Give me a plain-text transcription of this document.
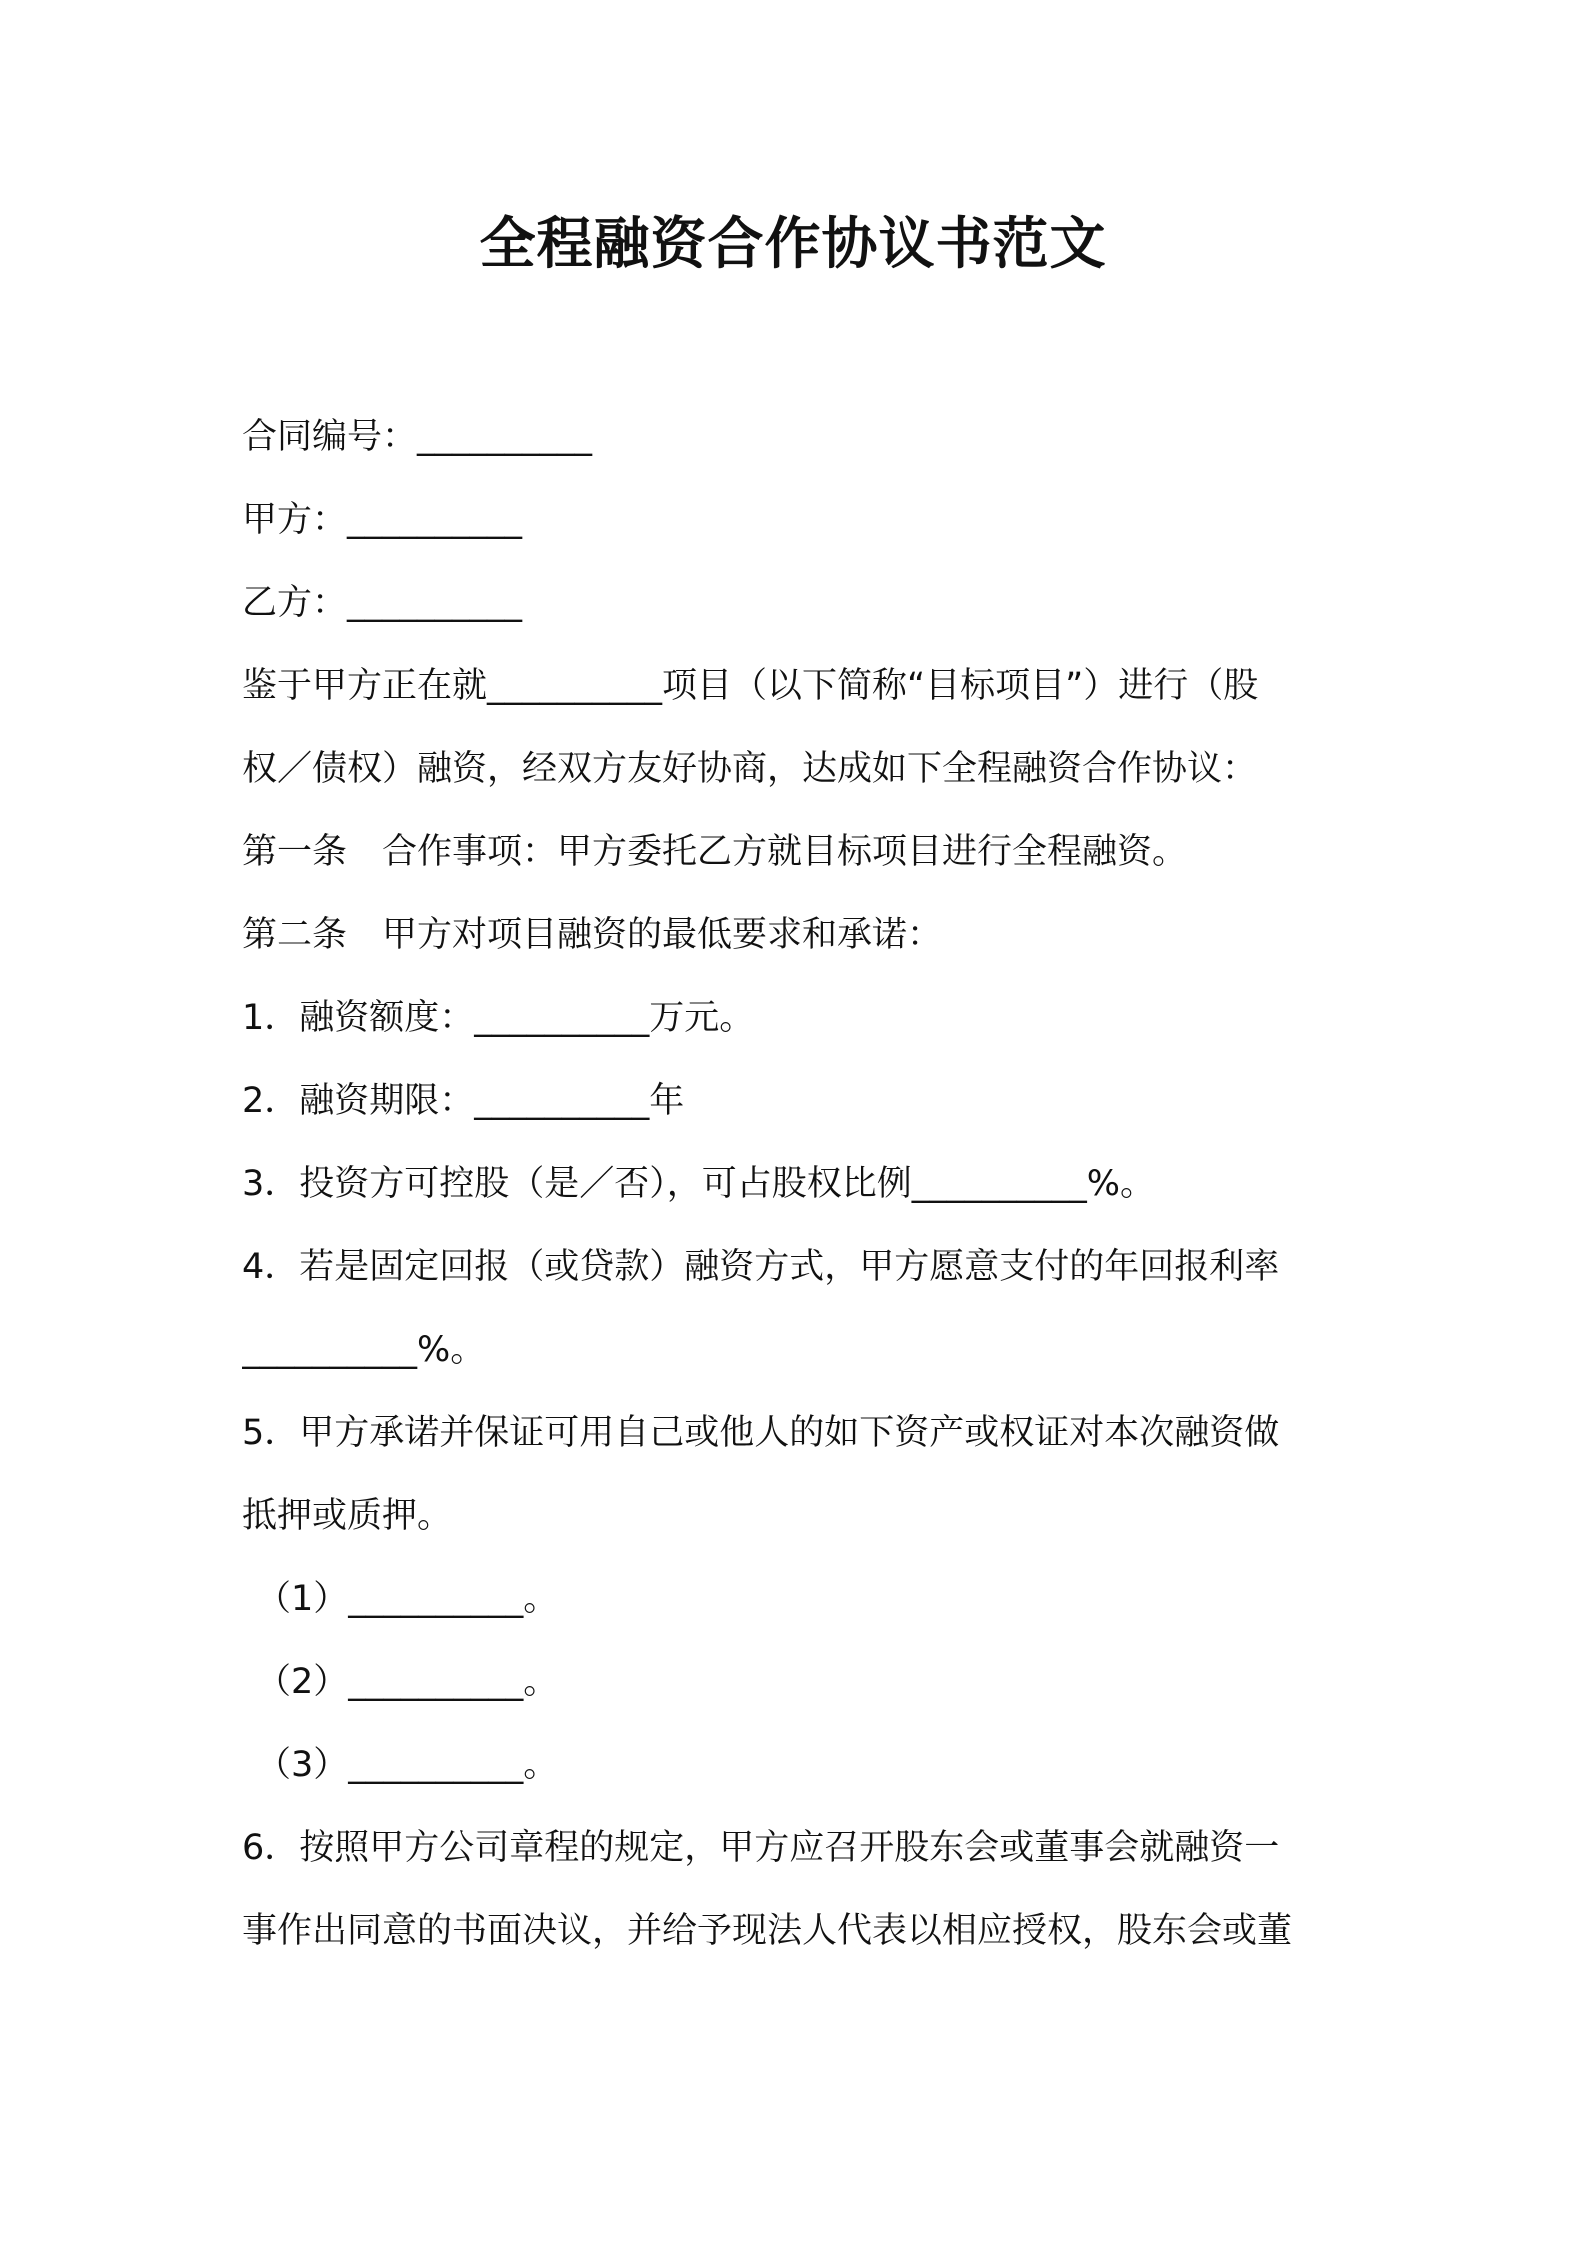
全程融资合作协议书范文
合同编号：__________
甲方：__________
乙方：__________
鉴于甲方正在就__________项目（以下简称“目标项目”）进行（股
权／债权）融资，经双方友好协商，达成如下全程融资合作协议：
第一条　合作事项：甲方委托乙方就目标项目进行全程融资。
第二条　甲方对项目融资的最低要求和承诺：
1．融资额度：__________万元。
2．融资期限：__________年
3．投资方可控股（是／否），可占股权比例__________%。
4．若是固定回报（或贷款）融资方式，甲方愿意支付的年回报利率
__________%。
5．甲方承诺并保证可用自己或他人的如下资产或权证对本次融资做
抵押或质押。
（1）__________。
（2）__________。
（3）__________。
6．按照甲方公司章程的规定，甲方应召开股东会或董事会就融资一
事作出同意的书面决议，并给予现法人代表以相应授权，股东会或董
